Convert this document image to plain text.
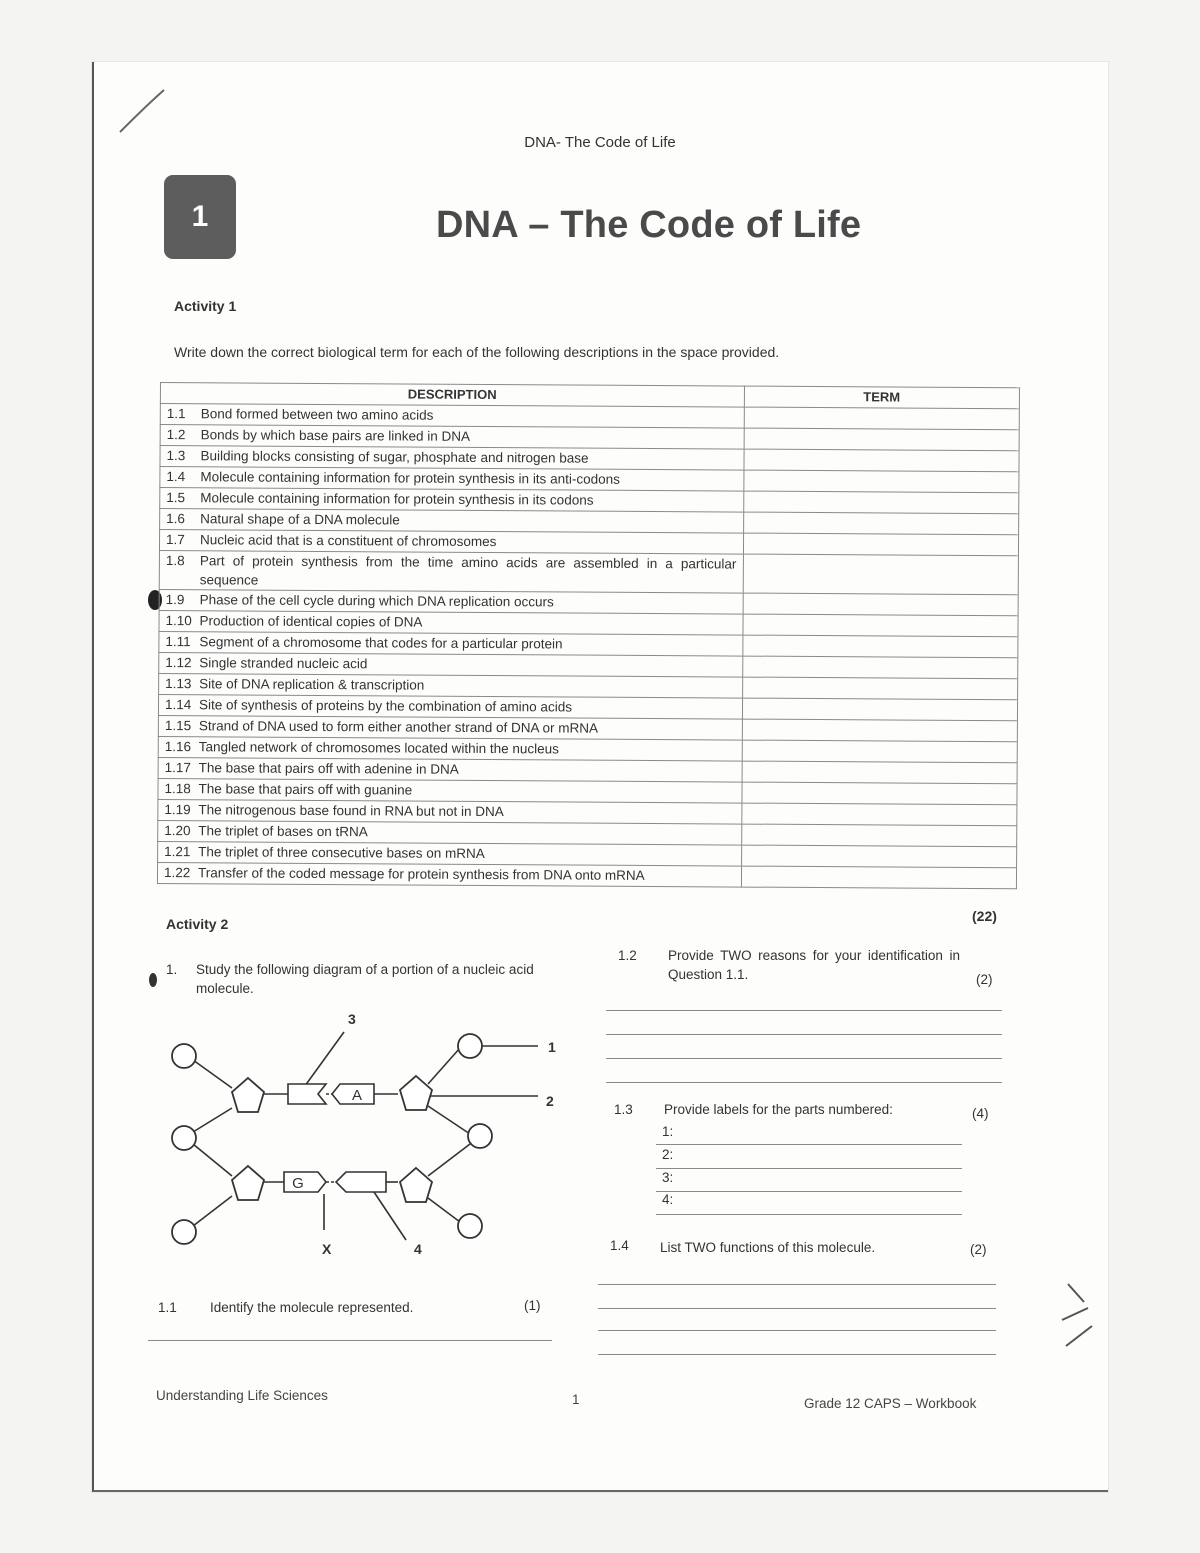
DNA- The Code of Life
1	DNA – The Code of Life
Activity 1
Write down the correct biological term for each of the following descriptions in the space provided.
DESCRIPTION	TERM

1.1 Bond formed between two amino acids	

1.2 Bonds by which base pairs are linked in DNA	

1.3 Building blocks consisting of sugar, phosphate and nitrogen base	

1.4 Molecule containing information for protein synthesis in its anti-codons	

1.5 Molecule containing information for protein synthesis in its codons	

1.6 Natural shape of a DNA molecule	

1.7 Nucleic acid that is a constituent of chromosomes	

1.8 Part of protein synthesis from the time amino acids are assembled in a particular sequence	

1.9 Phase of the cell cycle during which DNA replication occurs	

1.10 Production of identical copies of DNA	

1.11 Segment of a chromosome that codes for a particular protein	

1.12 Single stranded nucleic acid	

1.13 Site of DNA replication & transcription	

1.14 Site of synthesis of proteins by the combination of amino acids	

1.15 Strand of DNA used to form either another strand of DNA or mRNA	

1.16 Tangled network of chromosomes located within the nucleus	

1.17 The base that pairs off with adenine in DNA	

1.18 The base that pairs off with guanine	

1.19 The nitrogenous base found in RNA but not in DNA	

1.20 The triplet of bases on tRNA	

1.21 The triplet of three consecutive bases on mRNA	

1.22 Transfer of the coded message for protein synthesis from DNA onto mRNA	

(22)
Activity 2
1. Study the following diagram of a portion of a nucleic acid molecule.
A
G
1
2
3
4
X
1.1 Identify the molecule represented.	(1)
1.2 Provide TWO reasons for your identification in Question 1.1.	(2)
1.3 Provide labels for the parts numbered:	(4)
1:
2:
3:
4:
1.4 List TWO functions of this molecule.	(2)
Understanding Life Sciences	1	Grade 12 CAPS – Workbook
